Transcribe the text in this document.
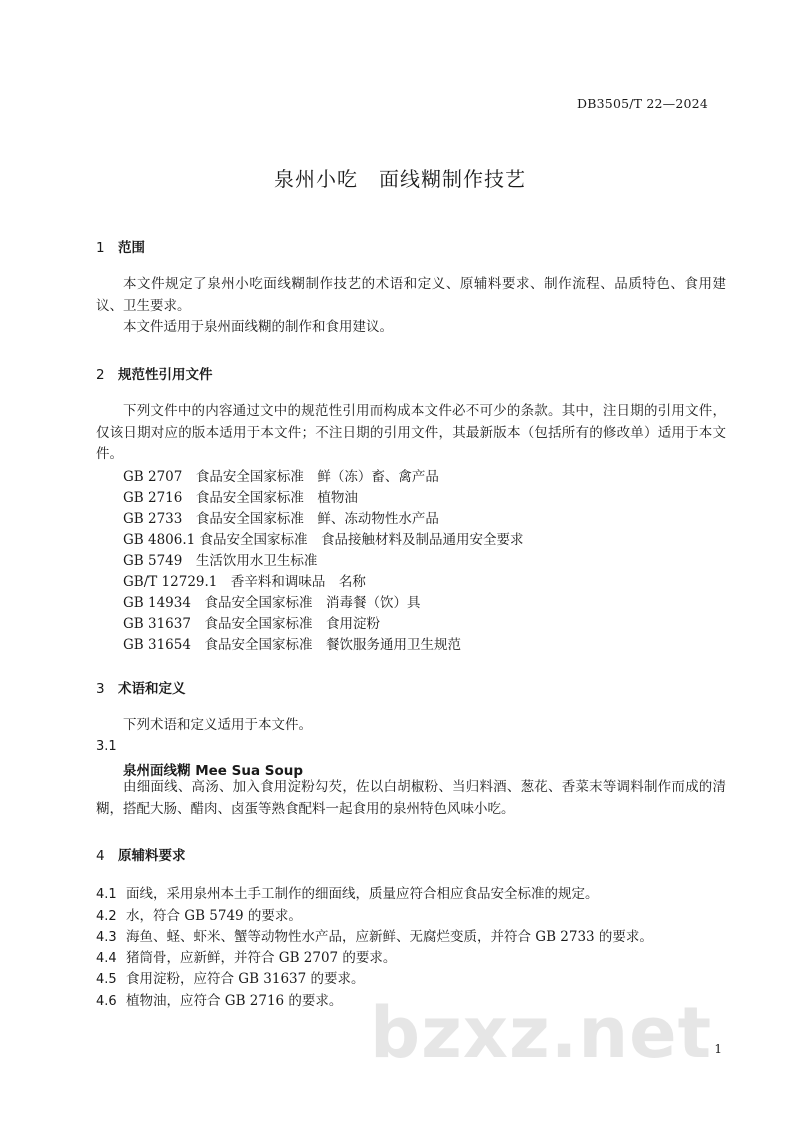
DB3505/T 22—2024
泉州小吃　面线糊制作技艺
1 范围
本文件规定了泉州小吃面线糊制作技艺的术语和定义、原辅料要求、制作流程、品质特色、食用建议、卫生要求。
本文件适用于泉州面线糊的制作和食用建议。
2 规范性引用文件
下列文件中的内容通过文中的规范性引用而构成本文件必不可少的条款。其中，注日期的引用文件，仅该日期对应的版本适用于本文件；不注日期的引用文件，其最新版本（包括所有的修改单）适用于本文件。
GB 2707　食品安全国家标准　鲜（冻）畜、禽产品
GB 2716　食品安全国家标准　植物油
GB 2733　食品安全国家标准　鲜、冻动物性水产品
GB 4806.1 食品安全国家标准　食品接触材料及制品通用安全要求
GB 5749　生活饮用水卫生标准
GB/T 12729.1　香辛料和调味品　名称
GB 14934　食品安全国家标准　消毒餐（饮）具
GB 31637　食品安全国家标准　食用淀粉
GB 31654　食品安全国家标准　餐饮服务通用卫生规范
3 术语和定义
下列术语和定义适用于本文件。
3.1
泉州面线糊 Mee Sua Soup
由细面线、高汤、加入食用淀粉勾芡，佐以白胡椒粉、当归料酒、葱花、香菜末等调料制作而成的清糊，搭配大肠、醋肉、卤蛋等熟食配料一起食用的泉州特色风味小吃。
4 原辅料要求
4.1 面线，采用泉州本土手工制作的细面线，质量应符合相应食品安全标准的规定。
4.2 水，符合 GB 5749 的要求。
4.3 海鱼、蛏、虾米、蟹等动物性水产品，应新鲜、无腐烂变质，并符合 GB 2733 的要求。
4.4 猪筒骨，应新鲜，并符合 GB 2707 的要求。
4.5 食用淀粉，应符合 GB 31637 的要求。
4.6 植物油，应符合 GB 2716 的要求。 bzxz.net 1
